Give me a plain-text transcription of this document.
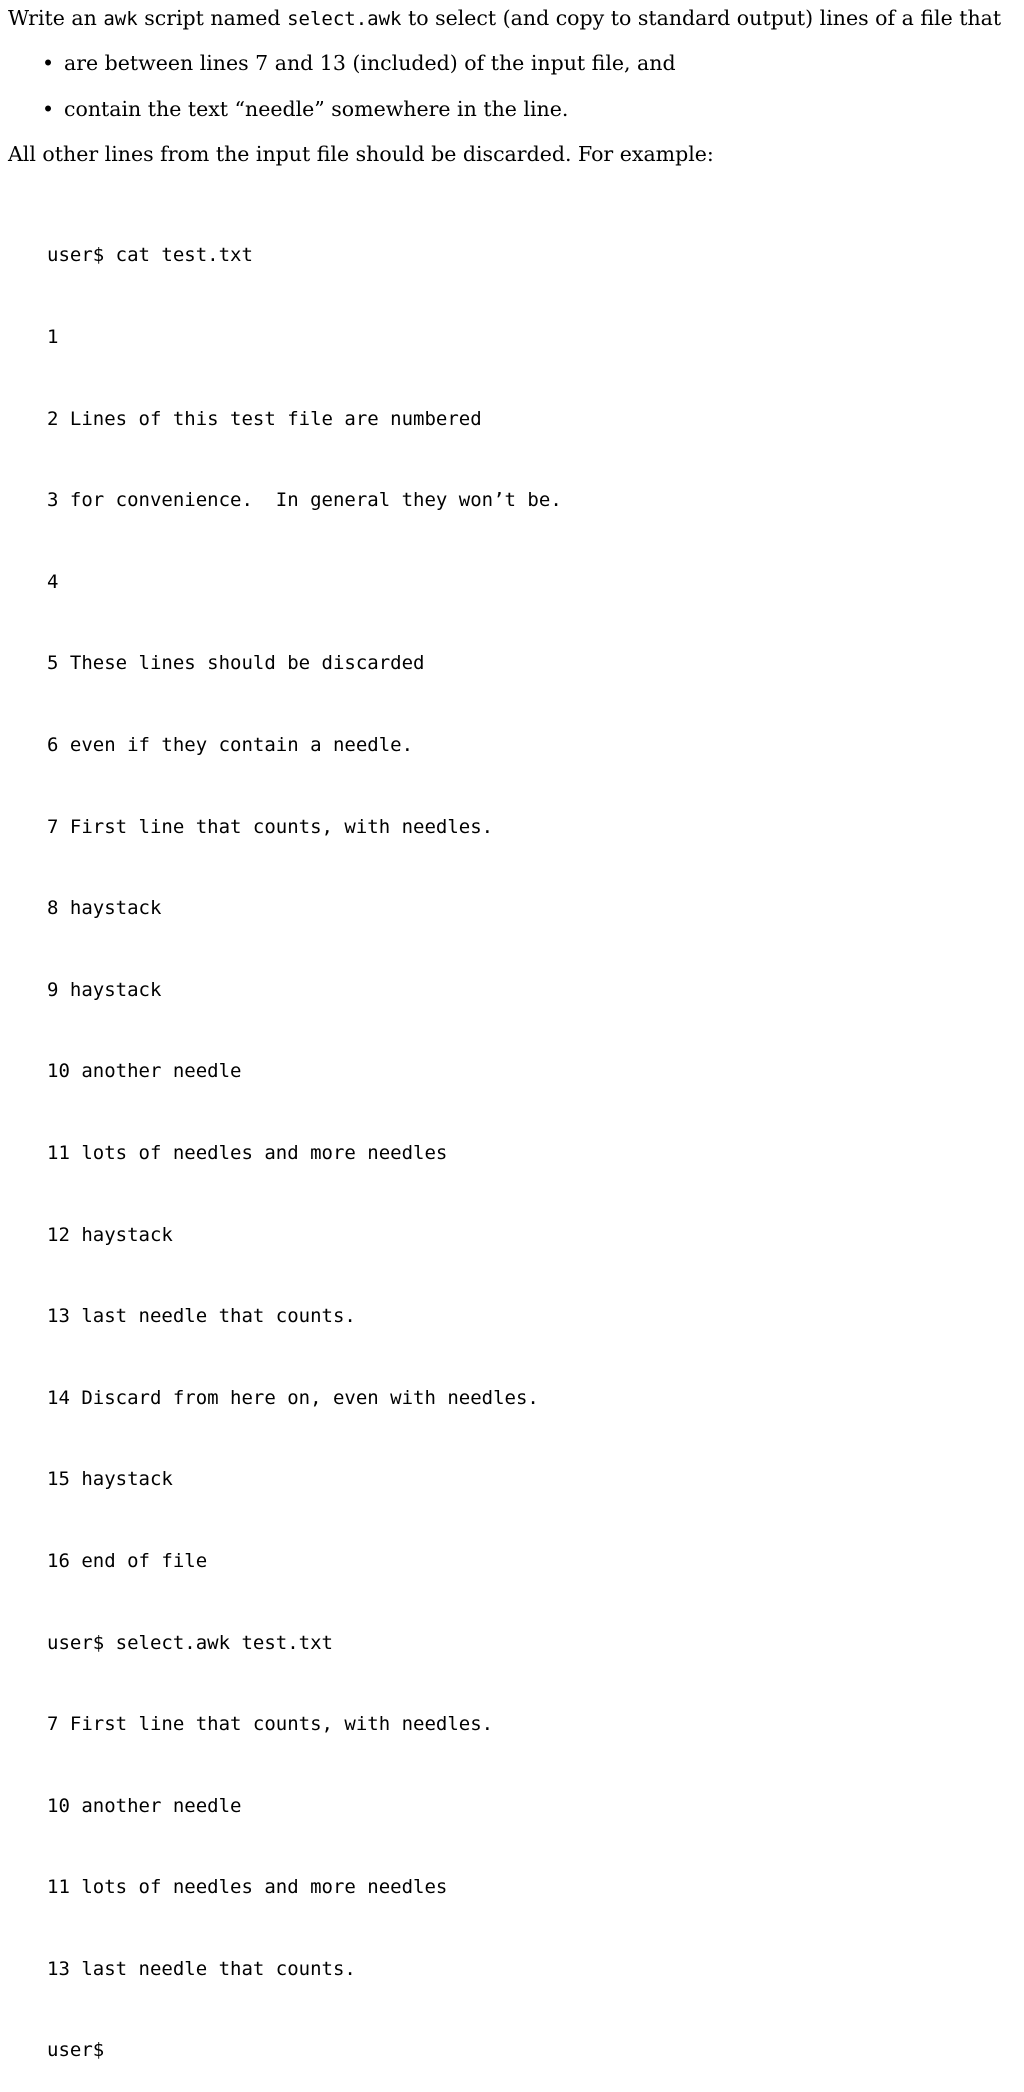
Write an awk script named select.awk to select (and copy to standard output) lines of a file that
• are between lines 7 and 13 (included) of the input file, and
• contain the text “needle” somewhere in the line.
All other lines from the input file should be discarded. For example:

user$ cat test.txt

1

2 Lines of this test file are numbered

3 for convenience.  In general they won’t be.

4

5 These lines should be discarded

6 even if they contain a needle.

7 First line that counts, with needles.

8 haystack

9 haystack

10 another needle

11 lots of needles and more needles

12 haystack

13 last needle that counts.

14 Discard from here on, even with needles.

15 haystack

16 end of file

user$ select.awk test.txt

7 First line that counts, with needles.

10 another needle

11 lots of needles and more needles

13 last needle that counts.

user$
